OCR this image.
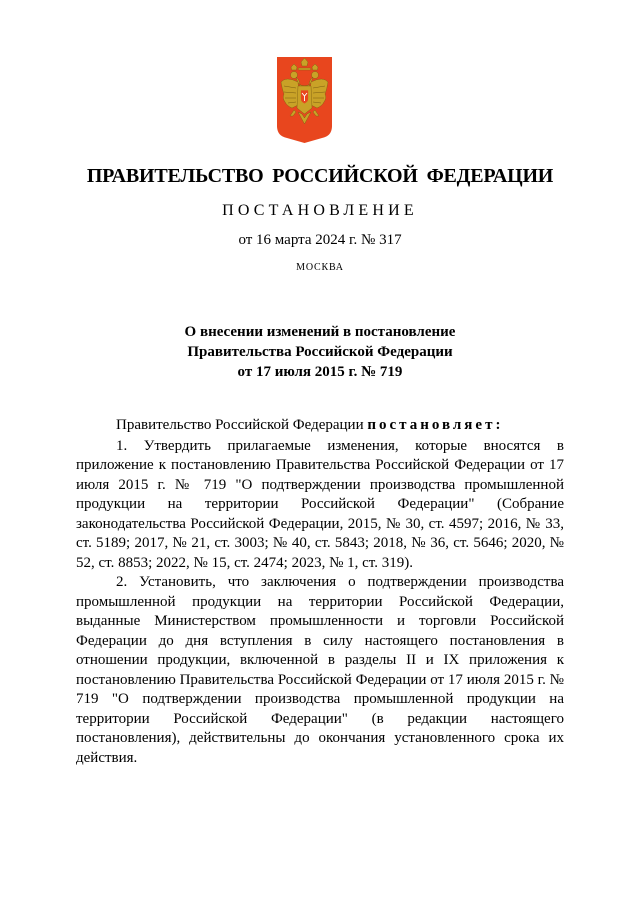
ПРАВИТЕЛЬСТВО РОССИЙСКОЙ ФЕДЕРАЦИИ
ПОСТАНОВЛЕНИЕ
от 16 марта 2024 г. № 317
МОСКВА
О внесении изменений в постановление
Правительства Российской Федерации
от 17 июля 2015 г. № 719

Правительство Российской Федерации постановляет:

1. Утвердить прилагаемые изменения, которые вносятся в приложение к постановлению Правительства Российской Федерации от 17 июля 2015 г. № 719 "О подтверждении производства промышленной продукции на территории Российской Федерации" (Собрание законодательства Российской Федерации, 2015, № 30, ст. 4597; 2016, № 33, ст. 5189; 2017, № 21, ст. 3003; № 40, ст. 5843; 2018, № 36, ст. 5646; 2020, № 52, ст. 8853; 2022, № 15, ст. 2474; 2023, № 1, ст. 319).

2. Установить, что заключения о подтверждении производства промышленной продукции на территории Российской Федерации, выданные Министерством промышленности и торговли Российской Федерации до дня вступления в силу настоящего постановления в отношении продукции, включенной в разделы II и IX приложения к постановлению Правительства Российской Федерации от 17 июля 2015 г. № 719 "О подтверждении производства промышленной продукции на территории Российской Федерации" (в редакции настоящего постановления), действительны до окончания установленного срока их действия.
